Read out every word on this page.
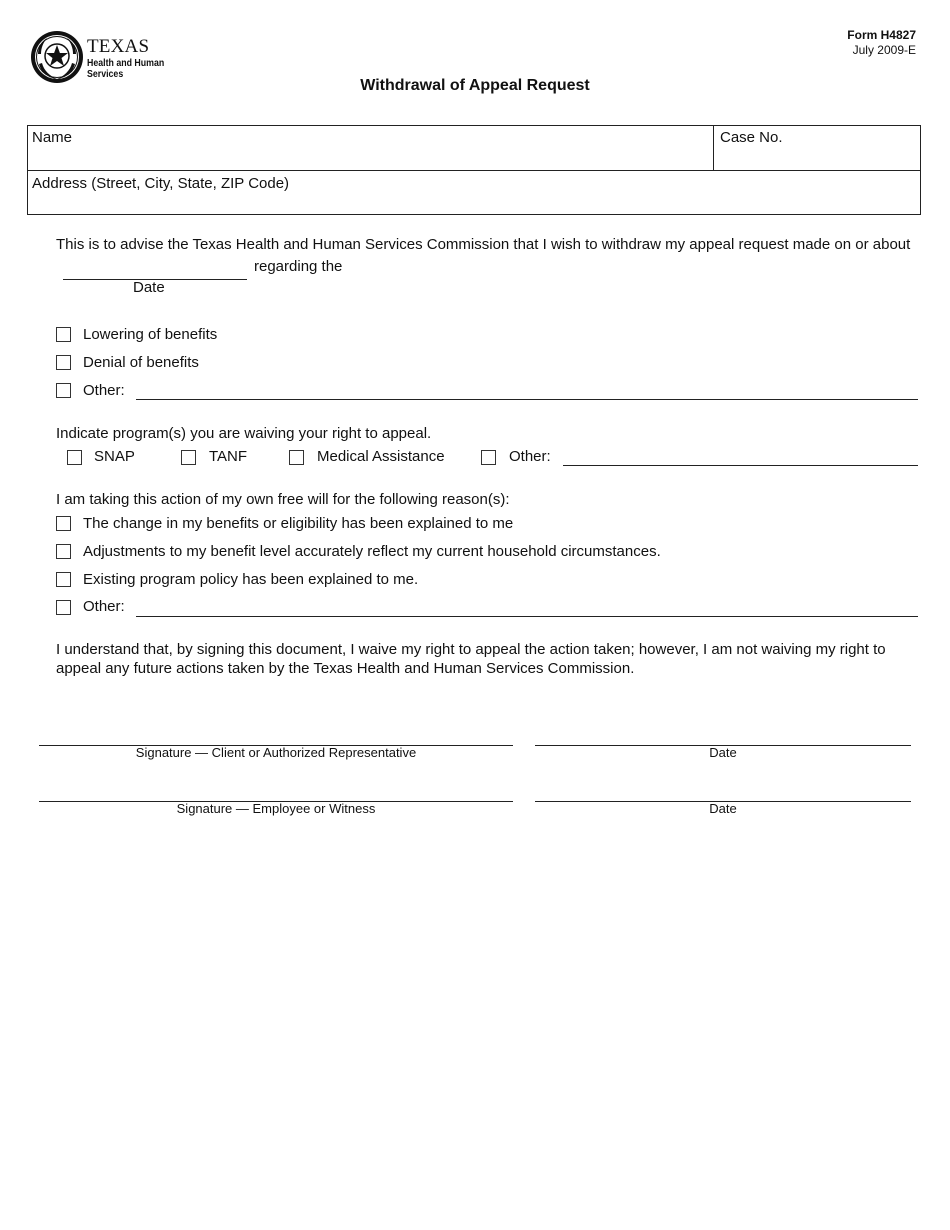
TEXAS
Health and Human
Services
Form H4827
July 2009-E
Withdrawal of Appeal Request
Name	Case No.
Address (Street, City, State, ZIP Code)
This is to advise the Texas Health and Human Services Commission that I wish to withdraw my appeal request made on or about
regarding the
Date
Lowering of benefits
Denial of benefits
Other:
Indicate program(s) you are waiving your right to appeal.
SNAP	TANF	Medical Assistance	Other:
I am taking this action of my own free will for the following reason(s):
The change in my benefits or eligibility has been explained to me
Adjustments to my benefit level accurately reflect my current household circumstances.
Existing program policy has been explained to me.
Other:
I understand that, by signing this document, I waive my right to appeal the action taken; however, I am not waiving my right to appeal any future actions taken by the Texas Health and Human Services Commission.
Signature — Client or Authorized Representative	Date
Signature — Employee or Witness	Date
